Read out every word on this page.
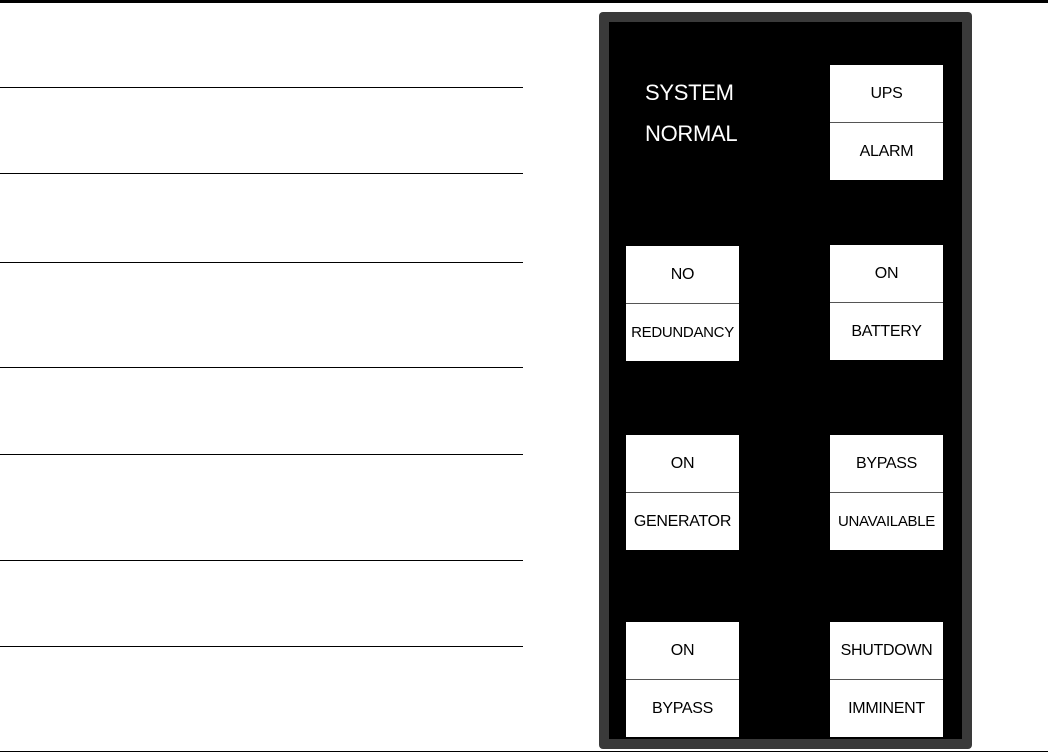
SYSTEM
NORMAL
UPS
ALARM
NO
REDUNDANCY
ON
BATTERY
ON
GENERATOR
BYPASS
UNAVAILABLE
ON
BYPASS
SHUTDOWN
IMMINENT
